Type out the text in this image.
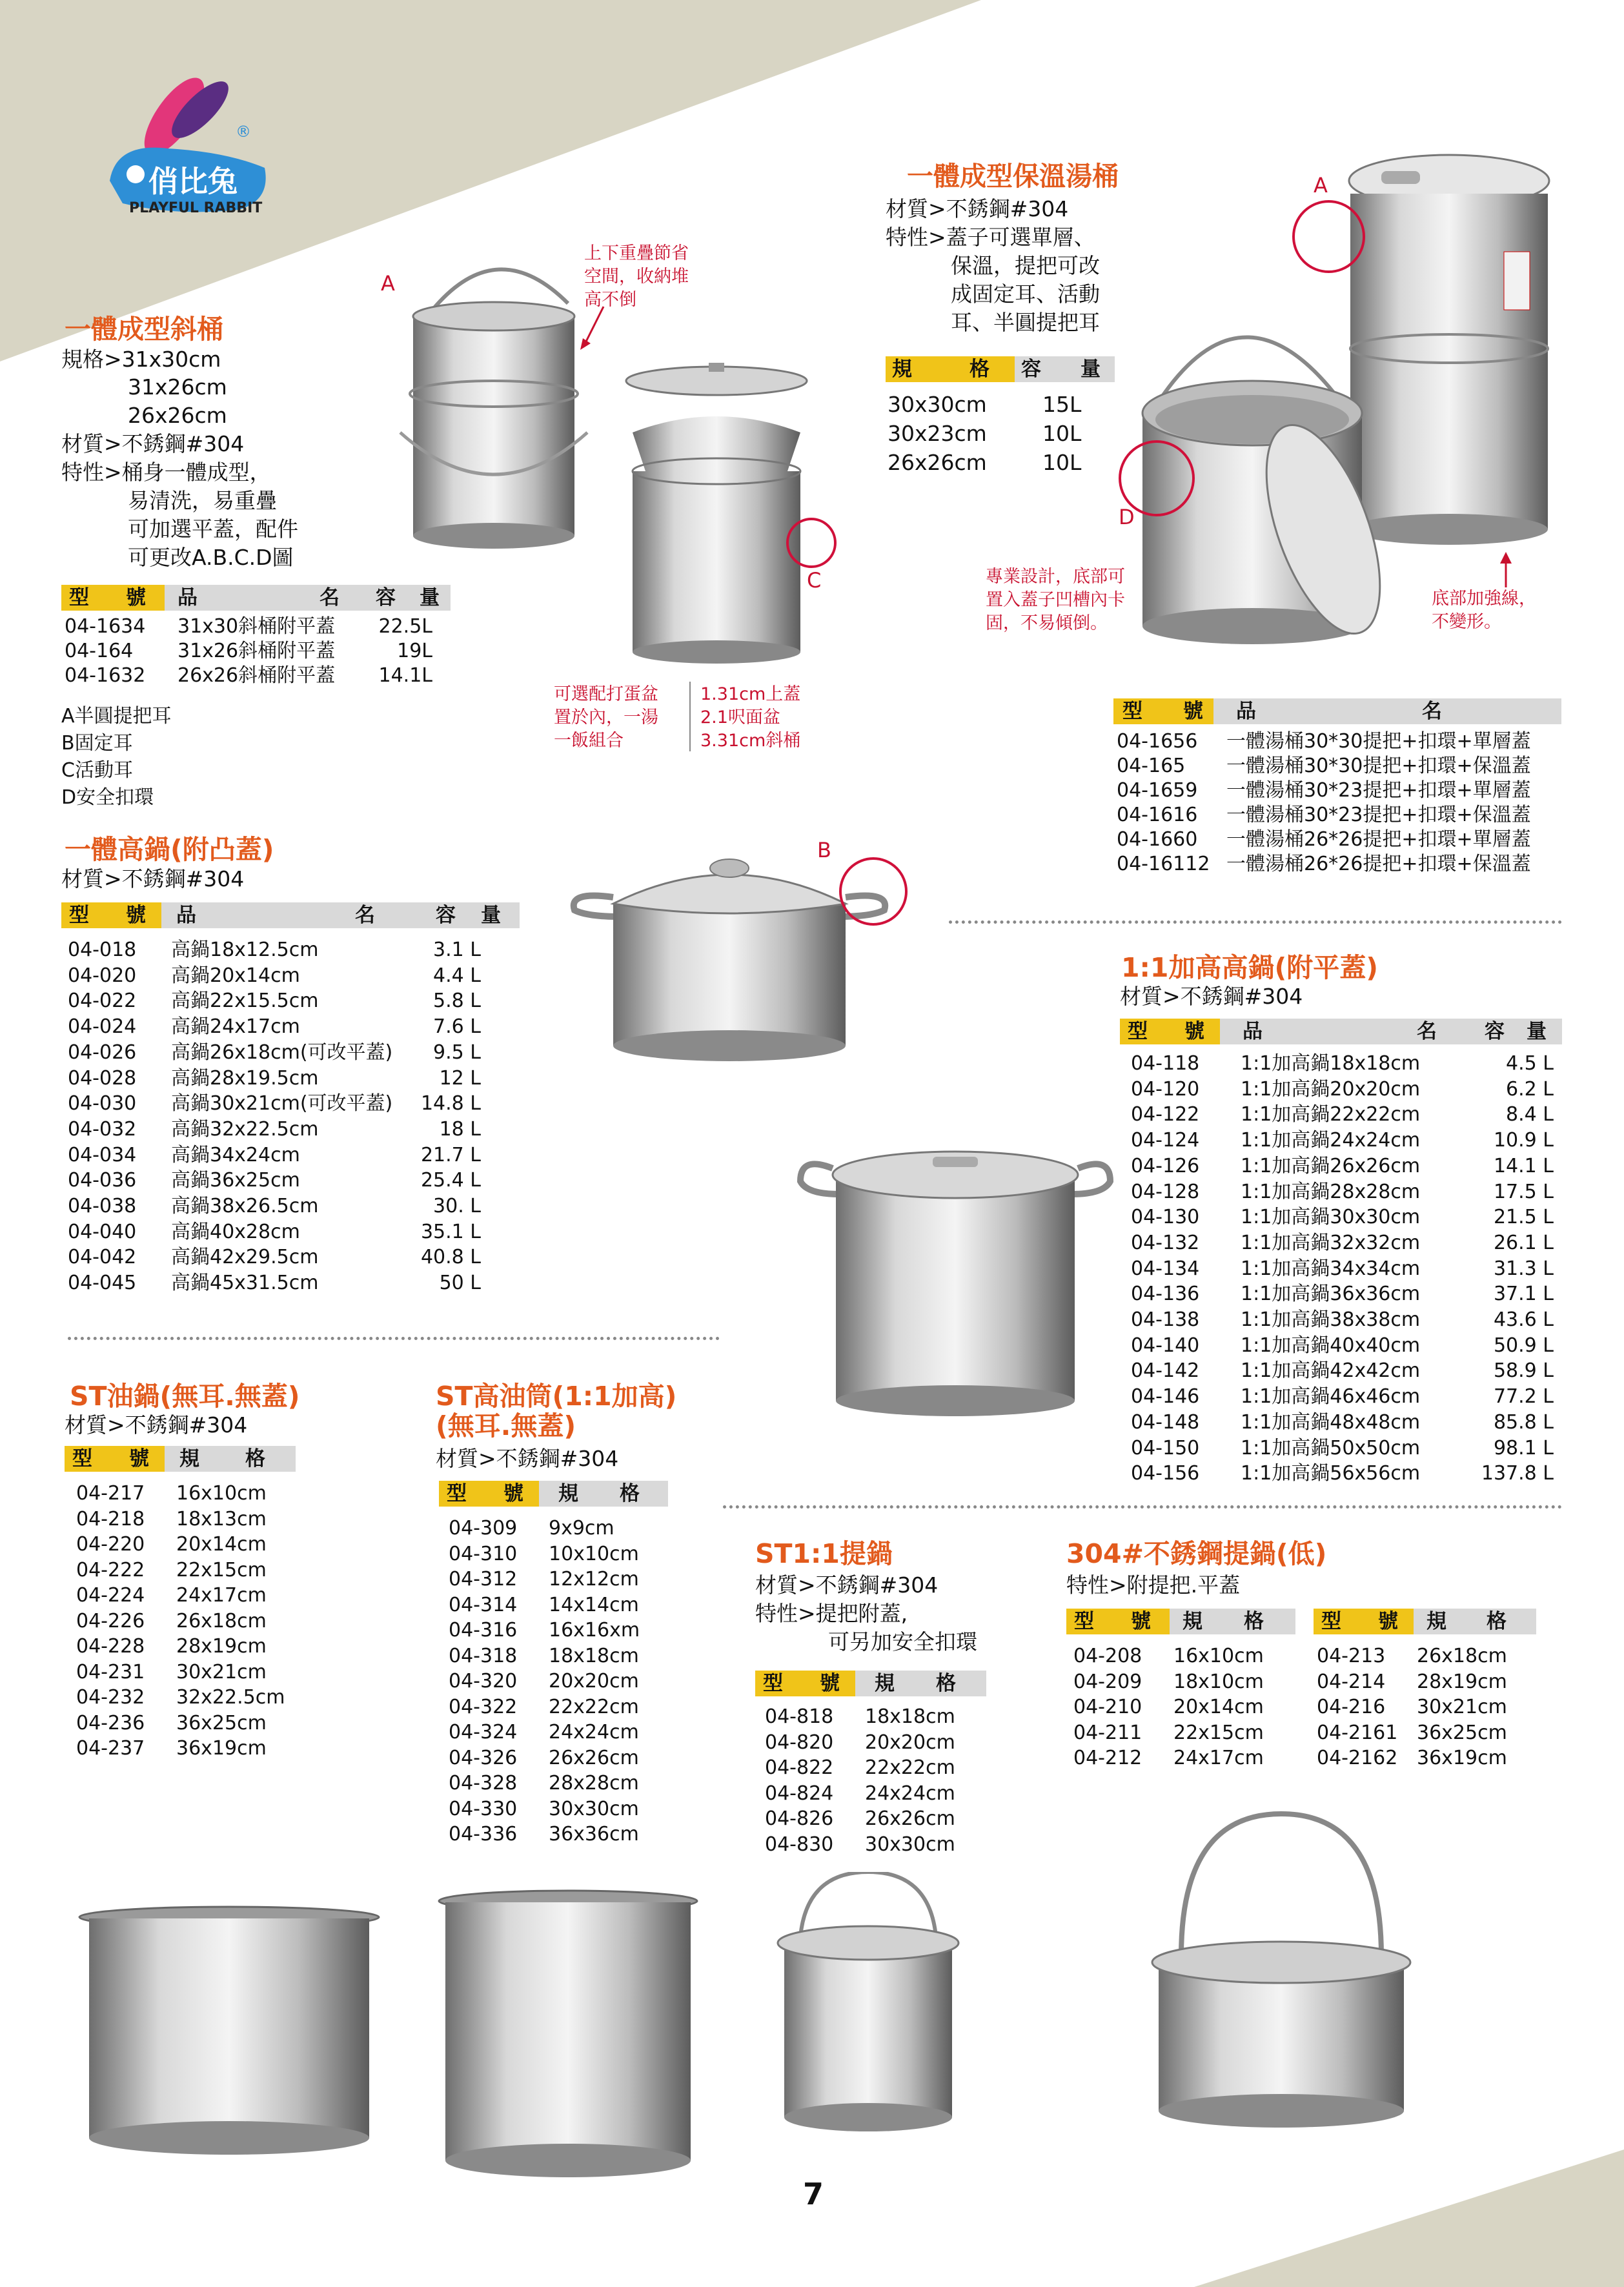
俏比兔
®
PLAYFUL RABBIT
一體成型斜桶
規格>31x30cm
31x26cm
26x26cm
材質>不銹鋼#304
特性>桶身一體成型，
易清洗，易重疊
可加選平蓋，配件
可更改A.B.C.D圖
型 號 品	名 容 量
04-1634	31x30斜桶附平蓋	22.5L
04-164	31x26斜桶附平蓋	19L
04-1632	26x26斜桶附平蓋	14.1L
A半圓提把耳
B固定耳
C活動耳
D安全扣環
上下重疊節省
空間，收納堆
高不倒
A
C
可選配打蛋盆
置於內，一湯
一飯組合
1.31cm上蓋
2.1呎面盆
3.31cm斜桶
一體成型保溫湯桶
材質>不銹鋼#304
特性>蓋子可選單層、
保溫，提把可改
成固定耳、活動
耳、半圓提把耳
規	格 容 量
30x30cm	15L
30x23cm	10L
26x26cm	10L
A
D
專業設計，底部可
置入蓋子凹槽內卡
固，不易傾倒。
底部加強線，
不變形。
型 號 品	名
04-1656	一體湯桶30*30提把+扣環+單層蓋
04-165	一體湯桶30*30提把+扣環+保溫蓋
04-1659	一體湯桶30*23提把+扣環+單層蓋
04-1616	一體湯桶30*23提把+扣環+保溫蓋
04-1660	一體湯桶26*26提把+扣環+單層蓋
04-16112	一體湯桶26*26提把+扣環+保溫蓋
一體高鍋(附凸蓋)
材質>不銹鋼#304
型 號 品	名	容 量
04-018	高鍋18x12.5cm	3.1 L
04-020	高鍋20x14cm	4.4 L
04-022	高鍋22x15.5cm	5.8 L
04-024	高鍋24x17cm	7.6 L
04-026	高鍋26x18cm(可改平蓋)	9.5 L
04-028	高鍋28x19.5cm	12 L
04-030	高鍋30x21cm(可改平蓋)	14.8 L
04-032	高鍋32x22.5cm	18 L
04-034	高鍋34x24cm	21.7 L
04-036	高鍋36x25cm	25.4 L
04-038	高鍋38x26.5cm	30. L
04-040	高鍋40x28cm	35.1 L
04-042	高鍋42x29.5cm	40.8 L
04-045	高鍋45x31.5cm	50 L
B
1:1加高高鍋(附平蓋)
材質>不銹鋼#304
型 號 品	名 容 量
04-118	1:1加高鍋18x18cm	4.5 L
04-120	1:1加高鍋20x20cm	6.2 L
04-122	1:1加高鍋22x22cm	8.4 L
04-124	1:1加高鍋24x24cm	10.9 L
04-126	1:1加高鍋26x26cm	14.1 L
04-128	1:1加高鍋28x28cm	17.5 L
04-130	1:1加高鍋30x30cm	21.5 L
04-132	1:1加高鍋32x32cm	26.1 L
04-134	1:1加高鍋34x34cm	31.3 L
04-136	1:1加高鍋36x36cm	37.1 L
04-138	1:1加高鍋38x38cm	43.6 L
04-140	1:1加高鍋40x40cm	50.9 L
04-142	1:1加高鍋42x42cm	58.9 L
04-146	1:1加高鍋46x46cm	77.2 L
04-148	1:1加高鍋48x48cm	85.8 L
04-150	1:1加高鍋50x50cm	98.1 L
04-156	1:1加高鍋56x56cm	137.8 L
ST油鍋(無耳.無蓋)
材質>不銹鋼#304
型 號 規 格
04-217	16x10cm
04-218	18x13cm
04-220	20x14cm
04-222	22x15cm
04-224	24x17cm
04-226	26x18cm
04-228	28x19cm
04-231	30x21cm
04-232	32x22.5cm
04-236	36x25cm
04-237	36x19cm
ST高油筒(1:1加高)
(無耳.無蓋)
材質>不銹鋼#304
型 號 規 格
04-309	9x9cm
04-310	10x10cm
04-312	12x12cm
04-314	14x14cm
04-316	16x16xm
04-318	18x18cm
04-320	20x20cm
04-322	22x22cm
04-324	24x24cm
04-326	26x26cm
04-328	28x28cm
04-330	30x30cm
04-336	36x36cm
ST1:1提鍋
材質>不銹鋼#304
特性>提把附蓋,
可另加安全扣環
型 號 規 格
04-818	18x18cm
04-820	20x20cm
04-822	22x22cm
04-824	24x24cm
04-826	26x26cm
04-830	30x30cm
304#不銹鋼提鍋(低)
特性>附提把.平蓋
型 號 規 格	型 號 規 格
04-208	16x10cm
04-209	18x10cm
04-210	20x14cm
04-211	22x15cm
04-212	24x17cm
04-213	26x18cm
04-214	28x19cm
04-216	30x21cm
04-2161	36x25cm
04-2162	36x19cm
7
